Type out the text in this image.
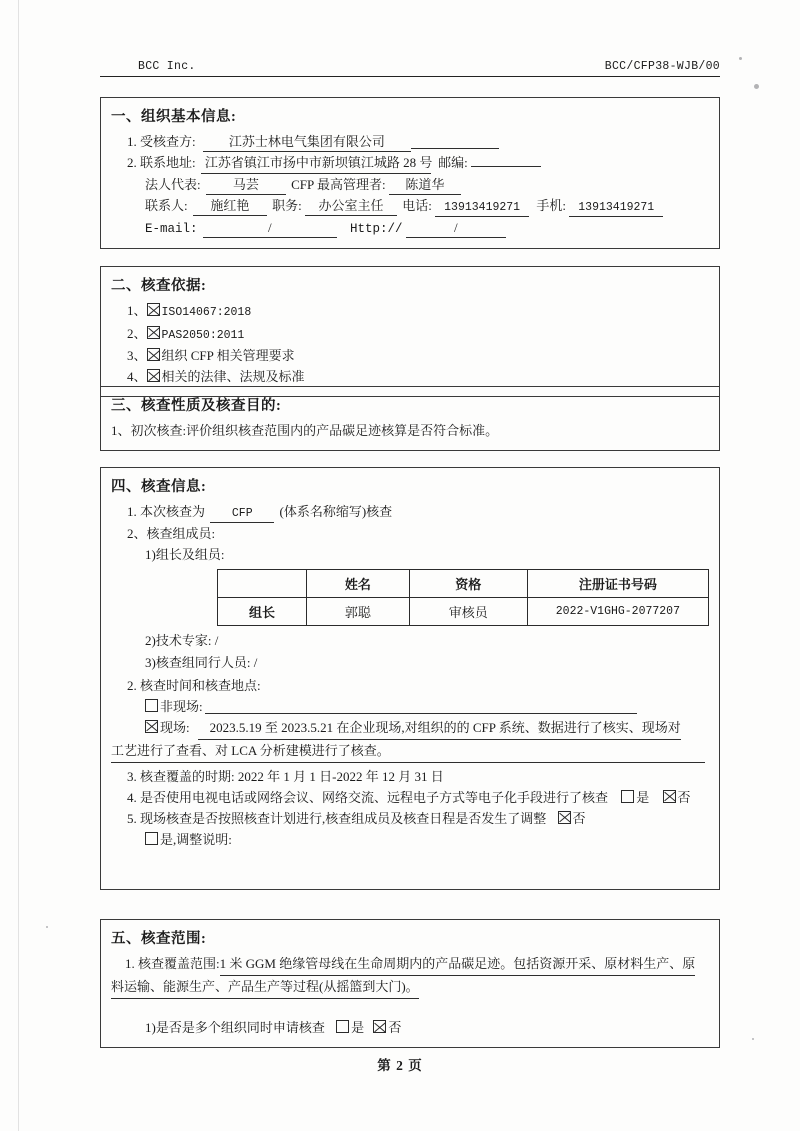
BCC Inc.	BCC/CFP38-WJB/00
一、组织基本信息:
1. 受核查方:	江苏士林电气集团有限公司
2. 联系地址: 江苏省镇江市扬中市新坝镇江城路 28 号 邮编:
法人代表: 马芸 CFP 最高管理者: 陈道华
联系人: 施红艳 职务: 办公室主任 电话: 13913419271 手机: 13913419271
E-mail:	/	Http://	/
二、核查依据:
1、 ISO14067:2018
2、 PAS2050:2011
3、 组织 CFP 相关管理要求
4、 相关的法律、法规及标准
三、核查性质及核查目的:
1、初次核查:评价组织核查范围内的产品碳足迹核算是否符合标准。
四、核查信息:
1. 本次核查为 CFP (体系名称缩写)核查
2、核查组成员:
1)组长及组员:
	姓名	资格	注册证书号码
组长	郭聪	审核员	2022-V1GHG-2077207
2)技术专家: /
3)核查组同行人员: /
2. 核查时间和核查地点:
非现场:
现场: 2023.5.19 至 2023.5.21 在企业现场,对组织的的 CFP 系统、数据进行了核实、现场对
工艺进行了查看、对 LCA 分析建模进行了核查。
3. 核查覆盖的时期: 2022 年 1 月 1 日-2022 年 12 月 31 日
4. 是否使用电视电话或网络会议、网络交流、远程电子方式等电子化手段进行了核查 是 否
5. 现场核查是否按照核查计划进行,核查组成员及核查日程是否发生了调整 否
是,调整说明:
五、核查范围:
1. 核查覆盖范围:1 米 GGM 绝缘管母线在生命周期内的产品碳足迹。包括资源开采、原材料生产、原
料运输、能源生产、产品生产等过程(从摇篮到大门)。
1)是否是多个组织同时申请核查 是 否
第 2 页
